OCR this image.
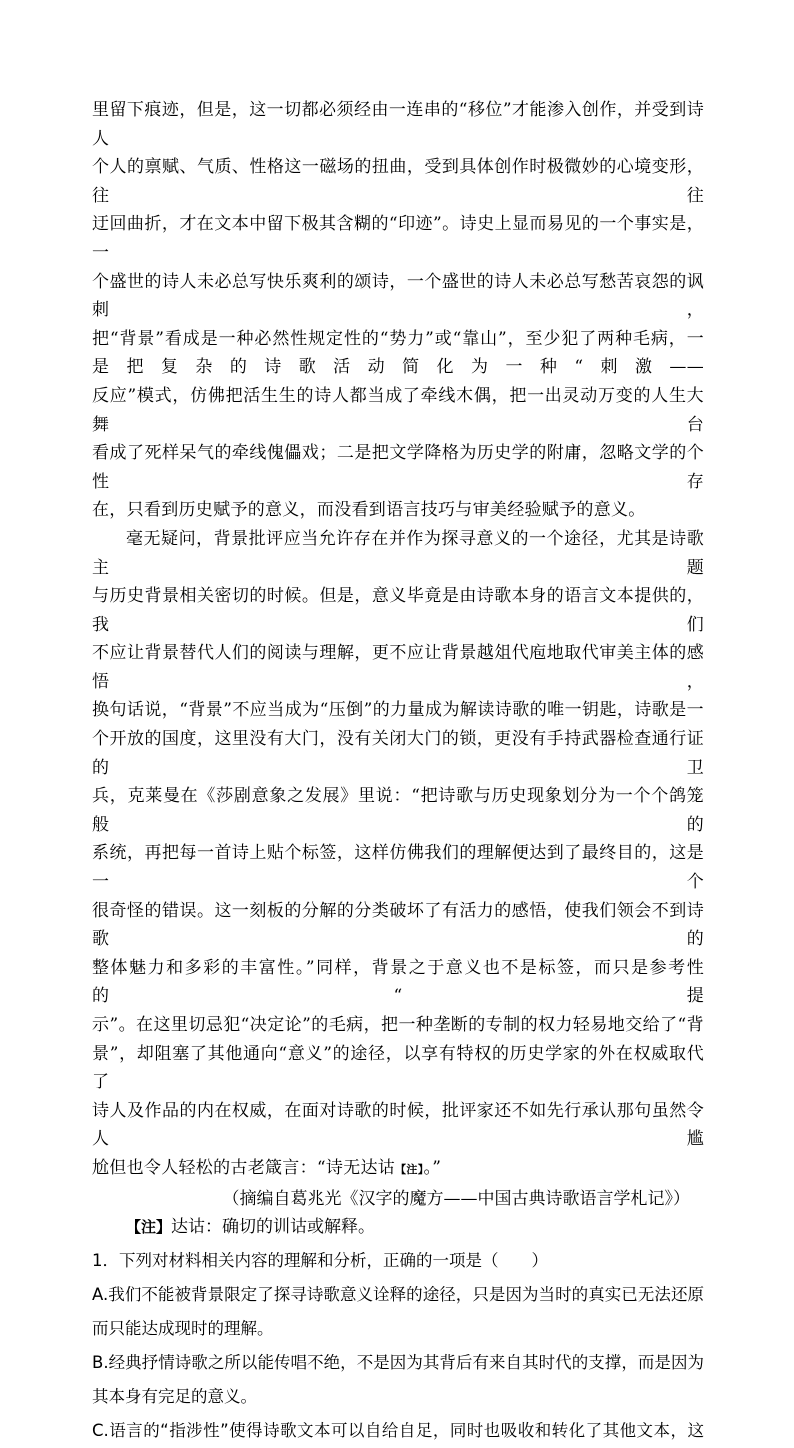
里留下痕迹，但是，这一切都必须经由一连串的“移位”才能渗入创作，并受到诗人

个人的禀赋、气质、性格这一磁场的扭曲，受到具体创作时极微妙的心境变形，往往

迂回曲折，才在文本中留下极其含糊的“印迹”。诗史上显而易见的一个事实是，一

个盛世的诗人未必总写快乐爽利的颂诗，一个盛世的诗人未必总写愁苦哀怨的讽刺，

把“背景”看成是一种必然性规定性的“势力”或“靠山”，至少犯了两种毛病，一

是把复杂的诗歌活动简化为一种“刺激——

反应”模式，仿佛把活生生的诗人都当成了牵线木偶，把一出灵动万变的人生大舞台

看成了死样呆气的牵线傀儡戏；二是把文学降格为历史学的附庸，忽略文学的个性存

在，只看到历史赋予的意义，而没看到语言技巧与审美经验赋予的意义。

毫无疑问，背景批评应当允许存在并作为探寻意义的一个途径，尤其是诗歌主题

与历史背景相关密切的时候。但是，意义毕竟是由诗歌本身的语言文本提供的，我们

不应让背景替代人们的阅读与理解，更不应让背景越俎代庖地取代审美主体的感悟，

换句话说，“背景”不应当成为“压倒”的力量成为解读诗歌的唯一钥匙，诗歌是一

个开放的国度，这里没有大门，没有关闭大门的锁，更没有手持武器检查通行证的卫

兵，克莱曼在《莎剧意象之发展》里说：“把诗歌与历史现象划分为一个个鸽笼般的

系统，再把每一首诗上贴个标签，这样仿佛我们的理解便达到了最终目的，这是一个

很奇怪的错误。这一刻板的分解的分类破坏了有活力的感悟，使我们领会不到诗歌的

整体魅力和多彩的丰富性。”同样，背景之于意义也不是标签，而只是参考性的“提

示”。在这里切忌犯“决定论”的毛病，把一种垄断的专制的权力轻易地交给了“背

景”，却阻塞了其他通向“意义”的途径，以享有特权的历史学家的外在权威取代了

诗人及作品的内在权威，在面对诗歌的时候，批评家还不如先行承认那句虽然令人尴

尬但也令人轻松的古老箴言：“诗无达诂【注】。”

（摘编自葛兆光《汉字的魔方——中国古典诗歌语言学札记》）

【注】达诂：确切的训诂或解释。

1．下列对材料相关内容的理解和分析，正确的一项是（　　）

A.我们不能被背景限定了探寻诗歌意义诠释的途径，只是因为当时的真实已无法还原

而只能达成现时的理解。

B.经典抒情诗歌之所以能传唱不绝，不是因为其背后有来自其时代的支撑，而是因为

其本身有完足的意义。

C.语言的“指涉性”使得诗歌文本可以自给自足，同时也吸收和转化了其他文本，这
